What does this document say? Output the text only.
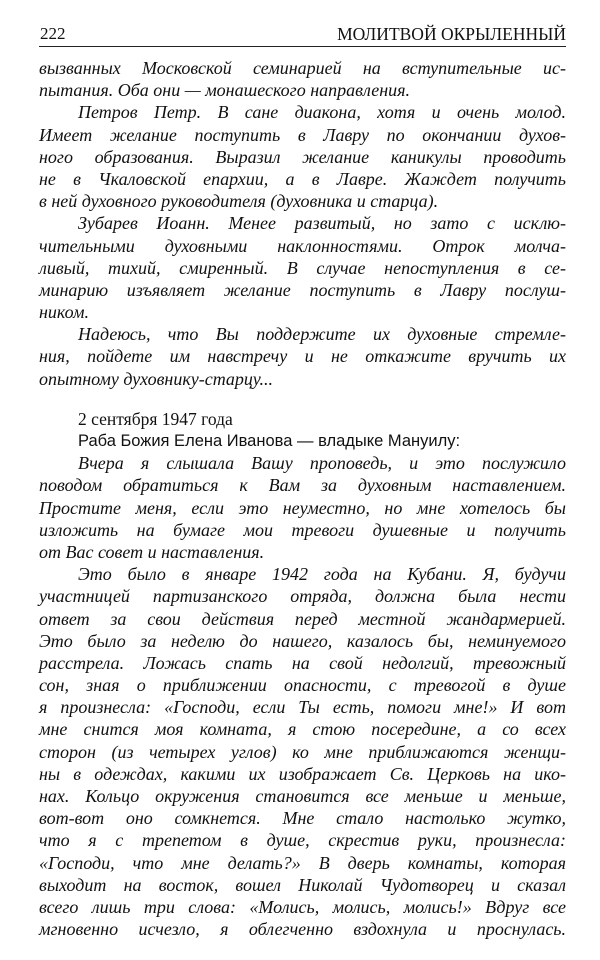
222	МОЛИТВОЙ ОКРЫЛЕННЫЙ
вызванных Московской семинарией на вступительные ис-
пытания. Оба они — монашеского направления.
Петров Петр. В сане диакона, хотя и очень молод.
Имеет желание поступить в Лавру по окончании духов-
ного образования. Выразил желание каникулы проводить
не в Чкаловской епархии, а в Лавре. Жаждет получить
в ней духовного руководителя (духовника и старца).
Зубарев Иоанн. Менее развитый, но зато с исклю-
чительными духовными наклонностями. Отрок молча-
ливый, тихий, смиренный. В случае непоступления в се-
минарию изъявляет желание поступить в Лавру послуш-
ником.
Надеюсь, что Вы поддержите их духовные стремле-
ния, пойдете им навстречу и не откажите вручить их
опытному духовнику-старцу...
2 сентября 1947 года
Раба Божия Елена Иванова — владыке Мануилу:
Вчера я слышала Вашу проповедь, и это послужило
поводом обратиться к Вам за духовным наставлением.
Простите меня, если это неуместно, но мне хотелось бы
изложить на бумаге мои тревоги душевные и получить
от Вас совет и наставления.
Это было в январе 1942 года на Кубани. Я, будучи
участницей партизанского отряда, должна была нести
ответ за свои действия перед местной жандармерией.
Это было за неделю до нашего, казалось бы, неминуемого
расстрела. Ложась спать на свой недолгий, тревожный
сон, зная о приближении опасности, с тревогой в душе
я произнесла: «Господи, если Ты есть, помоги мне!» И вот
мне снится моя комната, я стою посередине, а со всех
сторон (из четырех углов) ко мне приближаются женщи-
ны в одеждах, какими их изображает Св. Церковь на ико-
нах. Кольцо окружения становится все меньше и меньше,
вот-вот оно сомкнется. Мне стало настолько жутко,
что я с трепетом в душе, скрестив руки, произнесла:
«Господи, что мне делать?» В дверь комнаты, которая
выходит на восток, вошел Николай Чудотворец и сказал
всего лишь три слова: «Молись, молись, молись!» Вдруг все
мгновенно исчезло, я облегченно вздохнула и проснулась.
